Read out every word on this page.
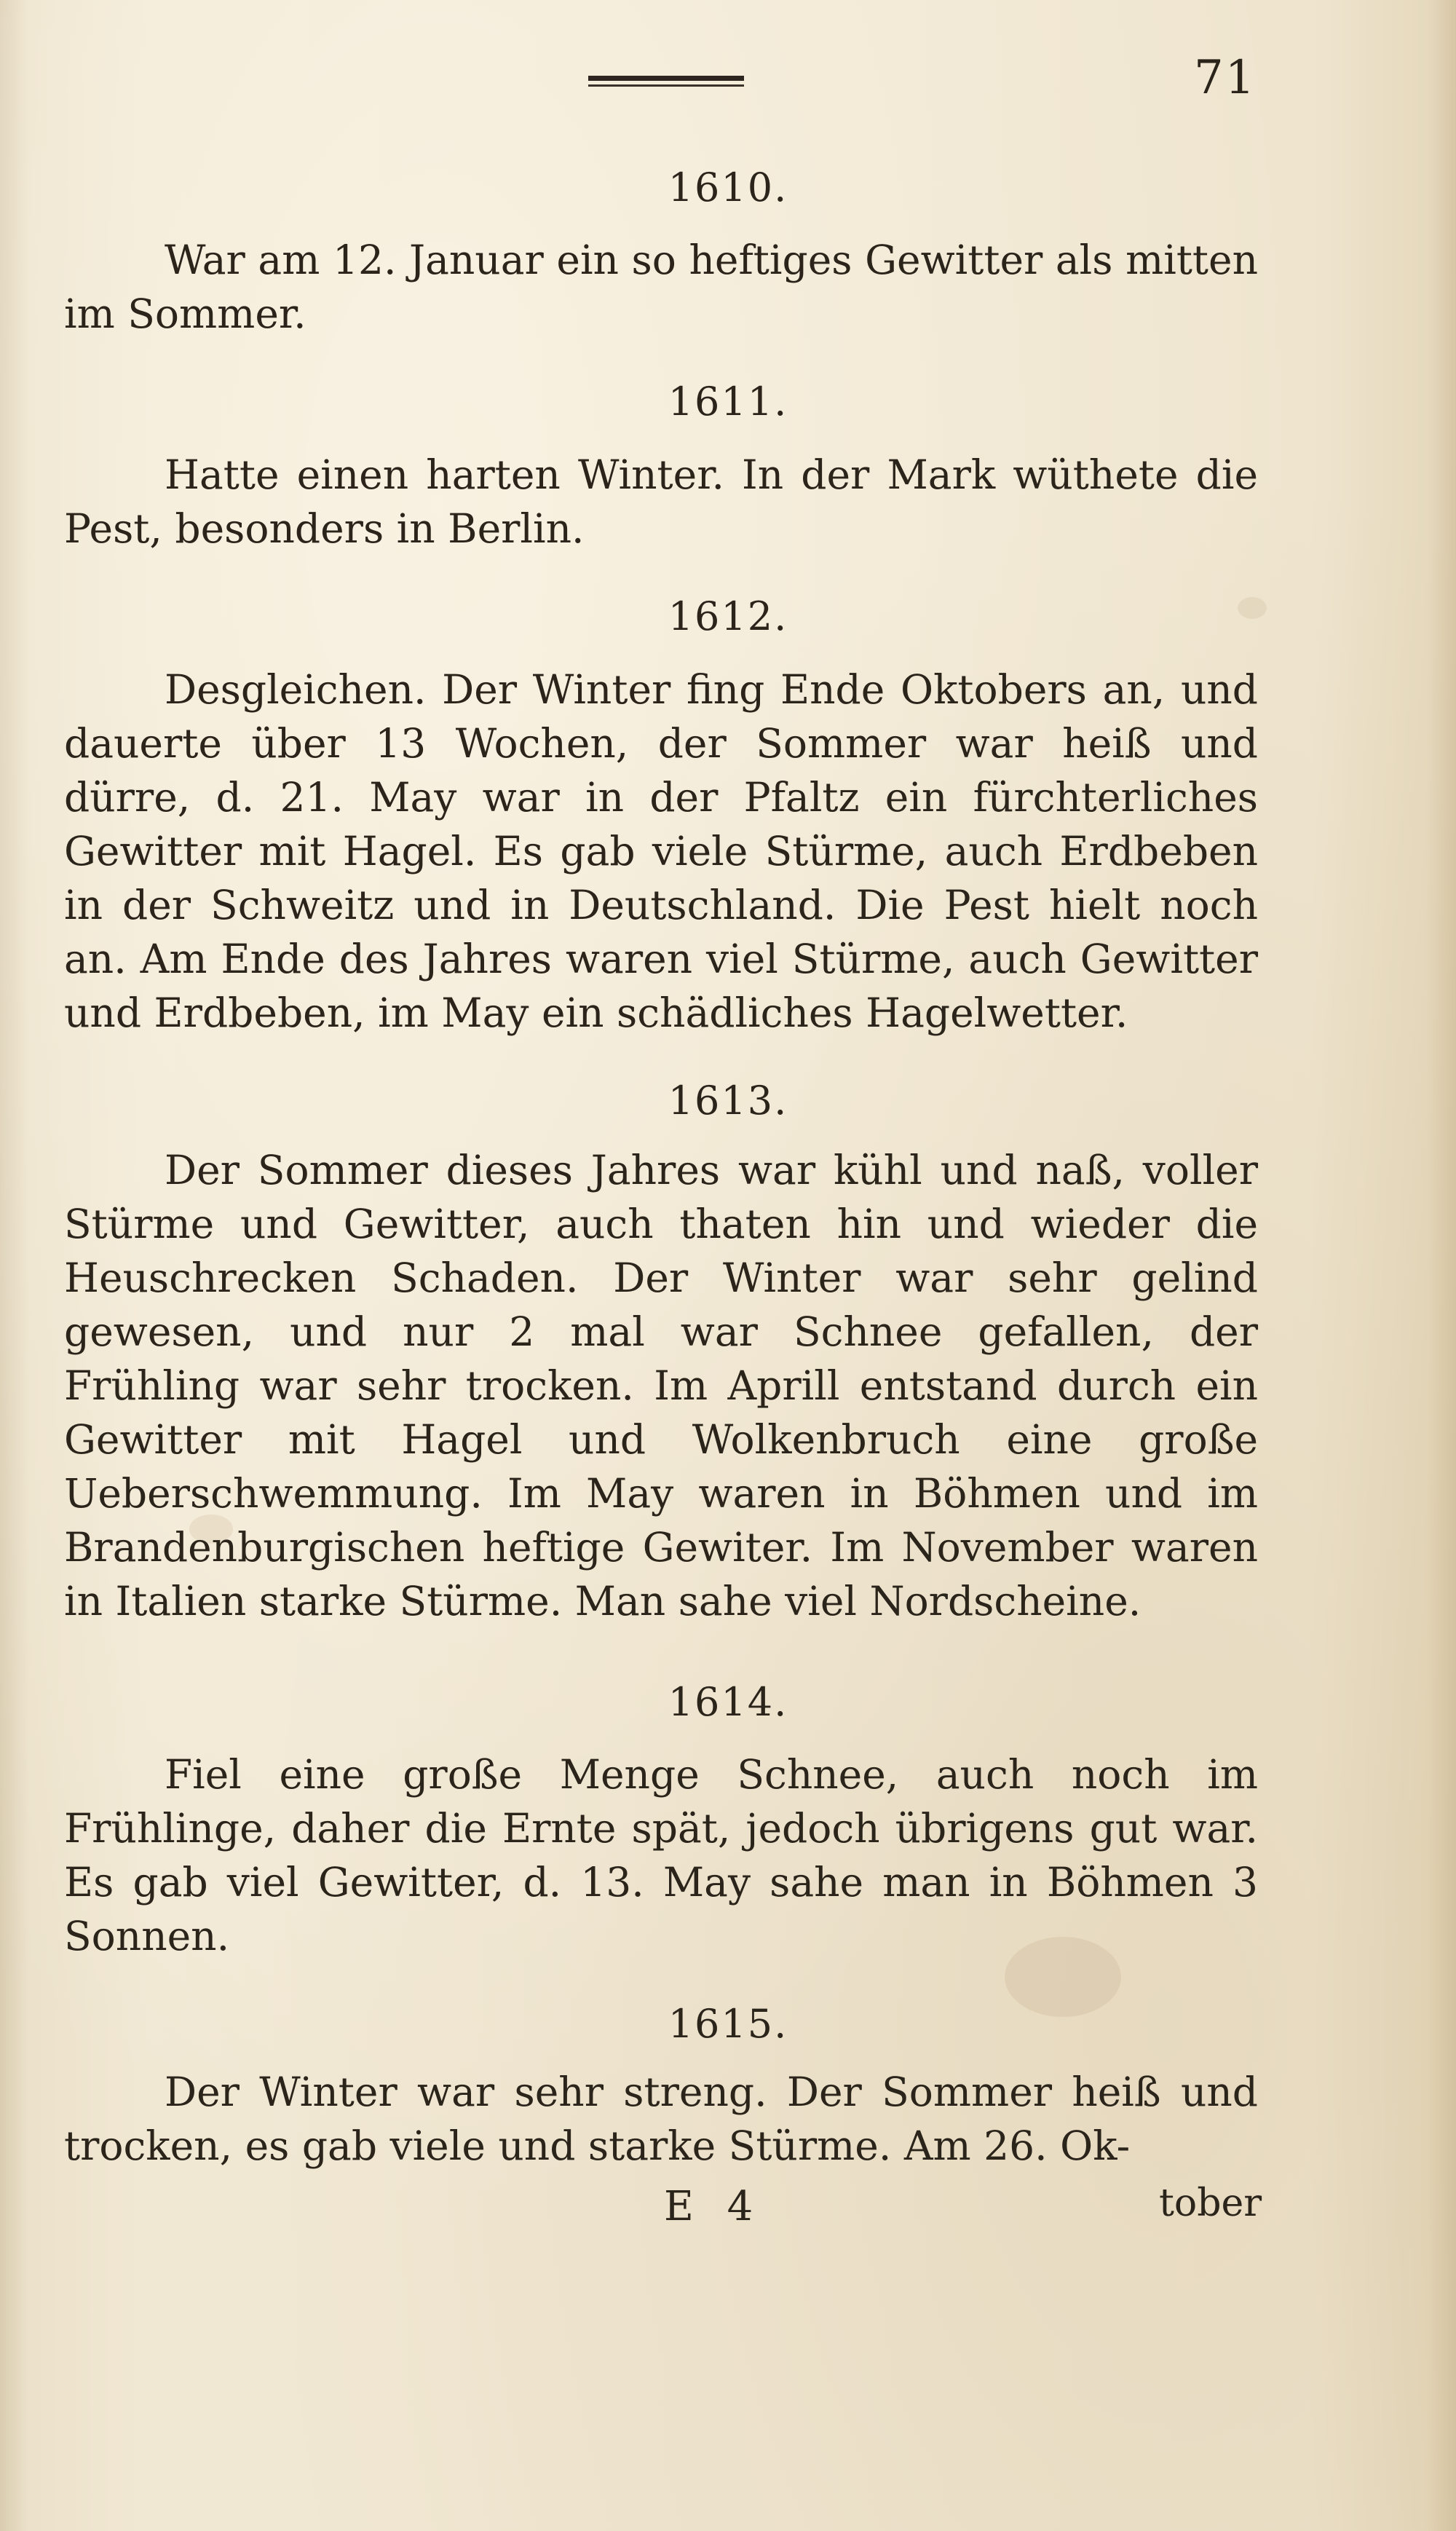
71
1610.

War am 12. Januar ein so heftiges Gewitter als mitten im Sommer.

1611.

Hatte einen harten Winter. In der Mark wüthete die Pest, besonders in Berlin.

1612.

Desgleichen. Der Winter fing Ende Oktobers an, und dauerte über 13 Wochen, der Sommer war heiß und dürre, d. 21. May war in der Pfaltz ein fürchterliches Gewitter mit Hagel. Es gab viele Stürme, auch Erdbeben in der Schweitz und in Deutschland. Die Pest hielt noch an. Am Ende des Jahres waren viel Stürme, auch Gewitter und Erdbeben, im May ein schädliches Hagelwetter.

1613.

Der Sommer dieses Jahres war kühl und naß, voller Stürme und Gewitter, auch thaten hin und wieder die Heuschrecken Schaden. Der Winter war sehr gelind gewesen, und nur 2 mal war Schnee gefallen, der Frühling war sehr trocken. Im Aprill entstand durch ein Gewitter mit Hagel und Wolkenbruch eine große Ueberschwemmung. Im May waren in Böhmen und im Brandenburgischen heftige Gewiter. Im November waren in Italien starke Stürme. Man sahe viel Nordscheine.

1614.

Fiel eine große Menge Schnee, auch noch im Frühlinge, daher die Ernte spät, jedoch übrigens gut war. Es gab viel Gewitter, d. 13. May sahe man in Böhmen 3 Sonnen.

1615.

Der Winter war sehr streng. Der Sommer heiß und trocken, es gab viele und starke Stürme. Am 26. Ok-

E 4	tober
